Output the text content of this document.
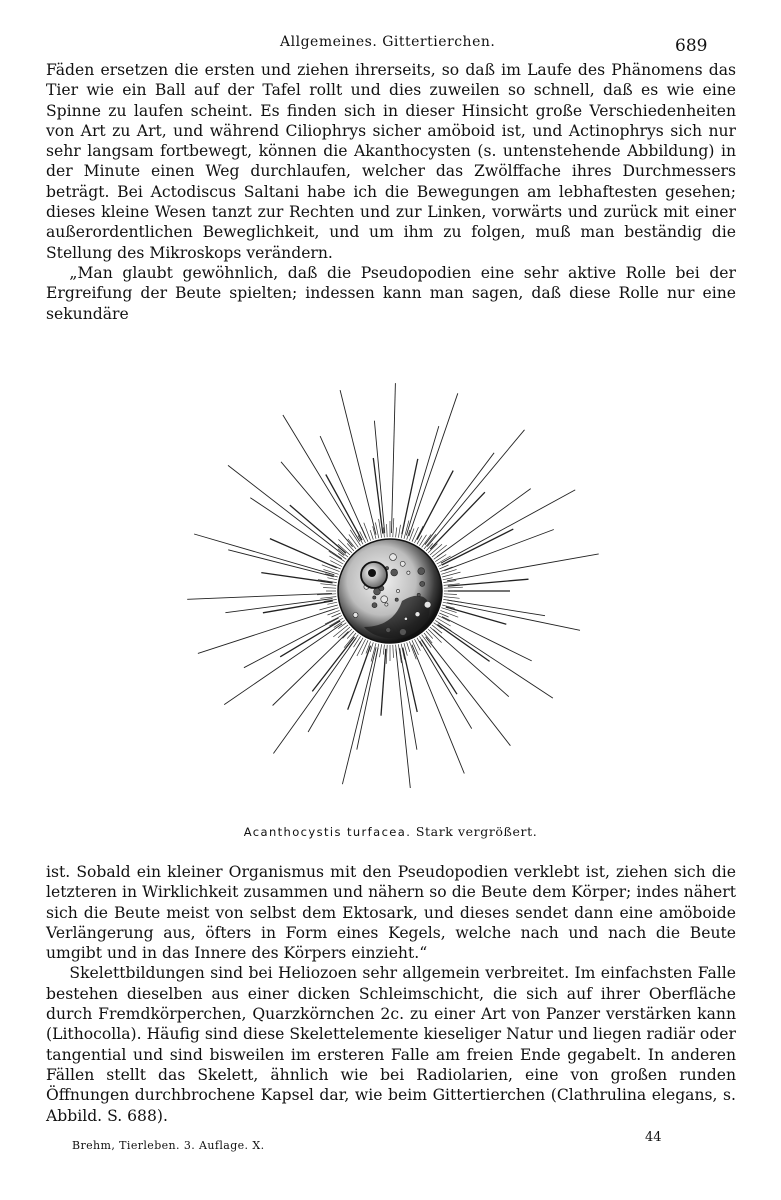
Allgemeines. Gittertierchen.	689

Fäden ersetzen die ersten und ziehen ihrerseits, so daß im Laufe des Phänomens das Tier wie ein Ball auf der Tafel rollt und dies zuweilen so schnell, daß es wie eine Spinne zu laufen scheint. Es finden sich in dieser Hinsicht große Verschiedenheiten von Art zu Art, und während Ciliophrys sicher amöboid ist, und Actinophrys sich nur sehr langsam fortbewegt, können die Akanthocysten (s. untenstehende Abbildung) in der Minute einen Weg durchlaufen, welcher das Zwölffache ihres Durchmessers beträgt. Bei Actodiscus Saltani habe ich die Bewegungen am lebhaftesten gesehen; dieses kleine Wesen tanzt zur Rechten und zur Linken, vorwärts und zurück mit einer außerordentlichen Beweglichkeit, und um ihm zu folgen, muß man beständig die Stellung des Mikroskops verändern.

„Man glaubt gewöhnlich, daß die Pseudopodien eine sehr aktive Rolle bei der Ergreifung der Beute spielten; indessen kann man sagen, daß diese Rolle nur eine sekundäre

Acanthocystis turfacea. Stark vergrößert.

ist. Sobald ein kleiner Organismus mit den Pseudopodien verklebt ist, ziehen sich die letzteren in Wirklichkeit zusammen und nähern so die Beute dem Körper; indes nähert sich die Beute meist von selbst dem Ektosark, und dieses sendet dann eine amöboide Verlängerung aus, öfters in Form eines Kegels, welche nach und nach die Beute umgibt und in das Innere des Körpers einzieht.“

Skelettbildungen sind bei Heliozoen sehr allgemein verbreitet. Im einfachsten Falle bestehen dieselben aus einer dicken Schleimschicht, die sich auf ihrer Oberfläche durch Fremdkörperchen, Quarzkörnchen 2c. zu einer Art von Panzer verstärken kann (Lithocolla). Häufig sind diese Skelettelemente kieseliger Natur und liegen radiär oder tangential und sind bisweilen im ersteren Falle am freien Ende gegabelt. In anderen Fällen stellt das Skelett, ähnlich wie bei Radiolarien, eine von großen runden Öffnungen durchbrochene Kapsel dar, wie beim Gittertierchen (Clathrulina elegans, s. Abbild. S. 688).

Brehm, Tierleben. 3. Auflage. X.
44
